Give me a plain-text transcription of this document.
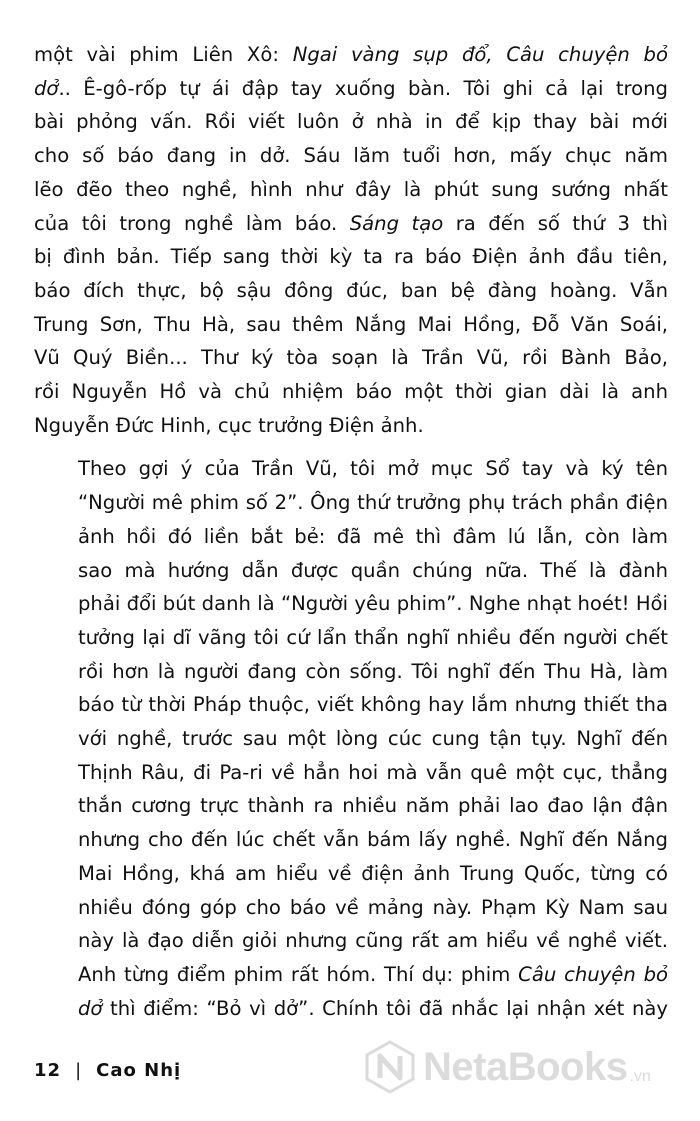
một vài phim Liên Xô: Ngai vàng sụp đổ, Câu chuyện bỏ
dở.. Ê-gô-rốp tự ái đập tay xuống bàn. Tôi ghi cả lại trong
bài phỏng vấn. Rồi viết luôn ở nhà in để kịp thay bài mới
cho số báo đang in dở. Sáu lăm tuổi hơn, mấy chục năm
lẽo đẽo theo nghề, hình như đây là phút sung sướng nhất
của tôi trong nghề làm báo. Sáng tạo ra đến số thứ 3 thì
bị đình bản. Tiếp sang thời kỳ ta ra báo Điện ảnh đầu tiên,
báo đích thực, bộ sậu đông đúc, ban bệ đàng hoàng. Vẫn
Trung Sơn, Thu Hà, sau thêm Nắng Mai Hồng, Đỗ Văn Soái,
Vũ Quý Biền... Thư ký tòa soạn là Trần Vũ, rồi Bành Bảo,
rồi Nguyễn Hồ và chủ nhiệm báo một thời gian dài là anh
Nguyễn Đức Hinh, cục trưởng Điện ảnh.

Theo gợi ý của Trần Vũ, tôi mở mục Sổ tay và ký tên
“Người mê phim số 2”. Ông thứ trưởng phụ trách phần điện
ảnh hồi đó liền bắt bẻ: đã mê thì đâm lú lẫn, còn làm
sao mà hướng dẫn được quần chúng nữa. Thế là đành
phải đổi bút danh là “Người yêu phim”. Nghe nhạt hoét! Hồi
tưởng lại dĩ vãng tôi cứ lẩn thẩn nghĩ nhiều đến người chết
rồi hơn là người đang còn sống. Tôi nghĩ đến Thu Hà, làm
báo từ thời Pháp thuộc, viết không hay lắm nhưng thiết tha
với nghề, trước sau một lòng cúc cung tận tụy. Nghĩ đến
Thịnh Râu, đi Pa-ri về hẳn hoi mà vẫn quê một cục, thẳng
thắn cương trực thành ra nhiều năm phải lao đao lận đận
nhưng cho đến lúc chết vẫn bám lấy nghề. Nghĩ đến Nắng
Mai Hồng, khá am hiểu về điện ảnh Trung Quốc, từng có
nhiều đóng góp cho báo về mảng này. Phạm Kỳ Nam sau
này là đạo diễn giỏi nhưng cũng rất am hiểu về nghề viết.
Anh từng điểm phim rất hóm. Thí dụ: phim Câu chuyện bỏ
dở thì điểm: “Bỏ vì dở”. Chính tôi đã nhắc lại nhận xét này

12 | Cao Nhị	NetaBooks .vn
